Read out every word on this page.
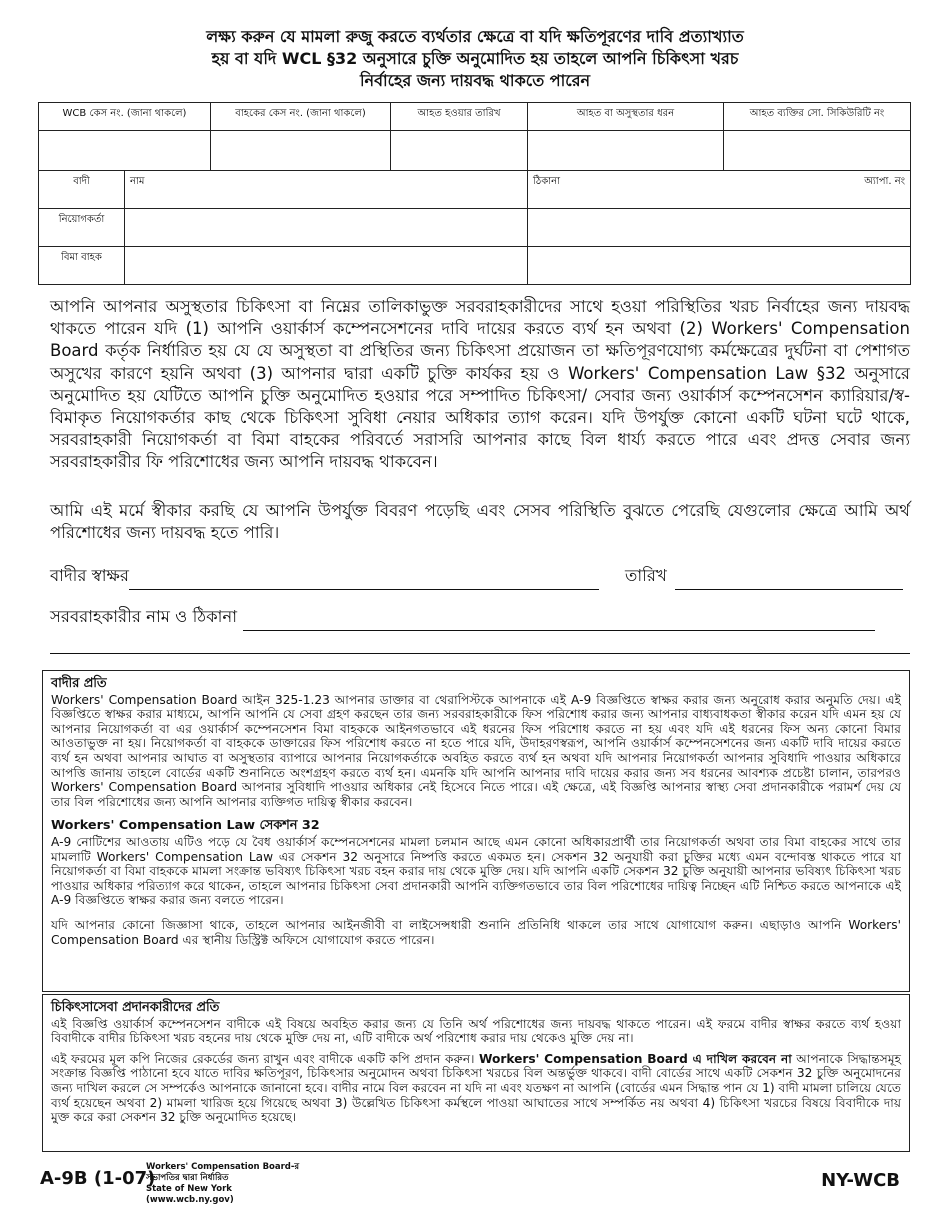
লক্ষ্য করুন যে মামলা রুজু করতে ব্যর্থতার ক্ষেত্রে বা যদি ক্ষতিপূরণের দাবি প্রত্যাখ্যাত
হয় বা যদি WCL §32 অনুসারে চুক্তি অনুমোদিত হয় তাহলে আপনি চিকিৎসা খরচ
নির্বাহের জন্য দায়বদ্ধ থাকতে পারেন
WCB কেস নং. (জানা থাকলে)		বাহকের কেস নং. (জানা থাকলে)	আহত হওয়ার তারিখ	আহত বা অসুস্থতার ধরন	আহত ব্যক্তির সো. সিকিউরিটি নং

বাদী	নাম			ঠিকানা অ্যাপা. নং	

নিয়োগকর্তা					
বিমা বাহক					

আপনি আপনার অসুস্থতার চিকিৎসা বা নিম্নের তালিকাভুক্ত সরবরাহকারীদের সাথে হওয়া পরিস্থিতির খরচ নির্বাহের জন্য দায়বদ্ধ থাকতে পারেন যদি (1) আপনি ওয়ার্কার্স কম্পেনসেশনের দাবি দায়ের করতে ব্যর্থ হন অথবা (2) Workers' Compensation Board কর্তৃক নির্ধারিত হয় যে যে অসুস্থতা বা প্রস্থিতির জন্য চিকিৎসা প্রয়োজন তা ক্ষতিপূরণযোগ্য কর্মক্ষেত্রের দুর্ঘটনা বা পেশাগত অসুখের কারণে হয়নি অথবা (3) আপনার দ্বারা একটি চুক্তি কার্যকর হয় ও Workers' Compensation Law §32 অনুসারে অনুমোদিত হয় যেটিতে আপনি চুক্তি অনুমোদিত হওয়ার পরে সম্পাদিত চিকিৎসা/ সেবার জন্য ওয়ার্কার্স কম্পেনসেশন ক্যারিয়ার/স্ব-বিমাকৃত নিয়োগকর্তার কাছ থেকে চিকিৎসা সুবিধা নেয়ার অধিকার ত্যাগ করেন। যদি উপর্যুক্ত কোনো একটি ঘটনা ঘটে থাকে, সরবরাহকারী নিয়োগকর্তা বা বিমা বাহকের পরিবর্তে সরাসরি আপনার কাছে বিল ধার্য্য করতে পারে এবং প্রদত্ত সেবার জন্য সরবরাহকারীর ফি পরিশোধের জন্য আপনি দায়বদ্ধ থাকবেন।

আমি এই মর্মে স্বীকার করছি যে আপনি উপর্যুক্ত বিবরণ পড়েছি এবং সেসব পরিস্থিতি বুঝতে পেরেছি যেগুলোর ক্ষেত্রে আমি অর্থ পরিশোধের জন্য দায়বদ্ধ হতে পারি।

বাদীর স্বাক্ষর	তারিখ
সরবরাহকারীর নাম ও ঠিকানা
বাদীর প্রতি

Workers' Compensation Board আইন 325-1.23 আপনার ডাক্তার বা থেরাপিস্টকে আপনাকে এই A-9 বিজ্ঞপ্তিতে স্বাক্ষর করার জন্য অনুরোধ করার অনুমতি দেয়। এই বিজ্ঞপ্তিতে স্বাক্ষর করার মাধ্যমে, আপনি আপনি যে সেবা গ্রহণ করছেন তার জন্য সরবরাহকারীকে ফিস পরিশোধ করার জন্য আপনার বাধ্যবাধকতা স্বীকার করেন যদি এমন হয় যে আপনার নিয়োগকর্তা বা এর ওয়ার্কার্স কম্পেনসেশন বিমা বাহককে আইনগতভাবে এই ধরনের ফিস পরিশোধ করতে না হয় এবং যদি এই ধরনের ফিস অন্য কোনো বিমার আওতাভুক্ত না হয়। নিয়োগকর্তা বা বাহককে ডাক্তারের ফিস পরিশোধ করতে না হতে পারে যদি, উদাহরণস্বরূপ, আপনি ওয়ার্কার্স কম্পেনসেশনের জন্য একটি দাবি দায়ের করতে ব্যর্থ হন অথবা আপনার আঘাত বা অসুস্থতার ব্যাপারে আপনার নিয়োগকর্তাকে অবহিত করতে ব্যর্থ হন অথবা যদি আপনার নিয়োগকর্তা আপনার সুবিধাদি পাওয়ার অধিকারে আপত্তি জানায় তাহলে বোর্ডের একটি শুনানিতে অংশগ্রহণ করতে ব্যর্থ হন। এমনকি যদি আপনি আপনার দাবি দায়ের করার জন্য সব ধরনের আবশ্যক প্রচেষ্টা চালান, তারপরও Workers' Compensation Board আপনার সুবিধাদি পাওয়ার অধিকার নেই হিসেবে নিতে পারে। এই ক্ষেত্রে, এই বিজ্ঞপ্তি আপনার স্বাস্থ্য সেবা প্রদানকারীকে পরামর্শ দেয় যে তার বিল পরিশোধের জন্য আপনি আপনার ব্যক্তিগত দায়িত্ব স্বীকার করবেন।

Workers' Compensation Law সেকশন 32

A-9 নোটিশের আওতায় এটিও পড়ে যে বৈধ ওয়ার্কার্স কম্পেনসেশনের মামলা চলমান আছে এমন কোনো অধিকারপ্রার্থী তার নিয়োগকর্তা অথবা তার বিমা বাহকের সাথে তার মামলাটি Workers' Compensation Law এর সেকশন 32 অনুসারে নিষ্পত্তি করতে একমত হন। সেকশন 32 অনুযায়ী করা চুক্তির মধ্যে এমন বন্দোবস্ত থাকতে পারে যা নিয়োগকর্তা বা বিমা বাহককে মামলা সংক্রান্ত ভবিষ্যৎ চিকিৎসা খরচ বহন করার দায় থেকে মুক্তি দেয়। যদি আপনি একটি সেকশন 32 চুক্তি অনুযায়ী আপনার ভবিষ্যৎ চিকিৎসা খরচ পাওয়ার অধিকার পরিত্যাগ করে থাকেন, তাহলে আপনার চিকিৎসা সেবা প্রদানকারী আপনি ব্যক্তিগতভাবে তার বিল পরিশোধের দায়িত্ব নিচ্ছেন এটি নিশ্চিত করতে আপনাকে এই A-9 বিজ্ঞপ্তিতে স্বাক্ষর করার জন্য বলতে পারেন।

যদি আপনার কোনো জিজ্ঞাসা থাকে, তাহলে আপনার আইনজীবী বা লাইসেন্সধারী শুনানি প্রতিনিধি থাকলে তার সাথে যোগাযোগ করুন। এছাড়াও আপনি Workers' Compensation Board এর স্থানীয় ডিস্ট্রিক্ট অফিসে যোগাযোগ করতে পারেন।

চিকিৎসাসেবা প্রদানকারীদের প্রতি

এই বিজ্ঞপ্তি ওয়ার্কার্স কম্পেনসেশন বাদীকে এই বিষয়ে অবহিত করার জন্য যে তিনি অর্থ পরিশোধের জন্য দায়বদ্ধ থাকতে পারেন। এই ফরমে বাদীর স্বাক্ষর করতে ব্যর্থ হওয়া বিবাদীকে বাদীর চিকিৎসা খরচ বহনের দায় থেকে মুক্তি দেয় না, এটি বাদীকে অর্থ পরিশোধ করার দায় থেকেও মুক্তি দেয় না।

এই ফরমের মূল কপি নিজের রেকর্ডের জন্য রাখুন এবং বাদীকে একটি কপি প্রদান করুন। Workers' Compensation Board এ দাখিল করবেন না আপনাকে সিদ্ধান্তসমূহ সংক্রান্ত বিজ্ঞপ্তি পাঠানো হবে যাতে দাবির ক্ষতিপূরণ, চিকিৎসার অনুমোদন অথবা চিকিৎসা খরচের বিল অন্তর্ভুক্ত থাকবে। বাদী বোর্ডের সাথে একটি সেকশন 32 চুক্তি অনুমোদনের জন্য দাখিল করলে সে সম্পর্কেও আপনাকে জানানো হবে। বাদীর নামে বিল করবেন না যদি না এবং যতক্ষণ না আপনি (বোর্ডের এমন সিদ্ধান্ত পান যে 1) বাদী মামলা চালিয়ে যেতে ব্যর্থ হয়েছেন অথবা 2) মামলা খারিজ হয়ে গিয়েছে অথবা 3) উল্লেখিত চিকিৎসা কর্মস্থলে পাওয়া আঘাতের সাথে সম্পর্কিত নয় অথবা 4) চিকিৎসা খরচের বিষয়ে বিবাদীকে দায় মুক্ত করে করা সেকশন 32 চুক্তি অনুমোদিত হয়েছে।

A-9B (1-07)
Workers' Compensation Board-র
সভাপতির দ্বারা নির্ধারিত
State of New York
(www.wcb.ny.gov)
NY-WCB
